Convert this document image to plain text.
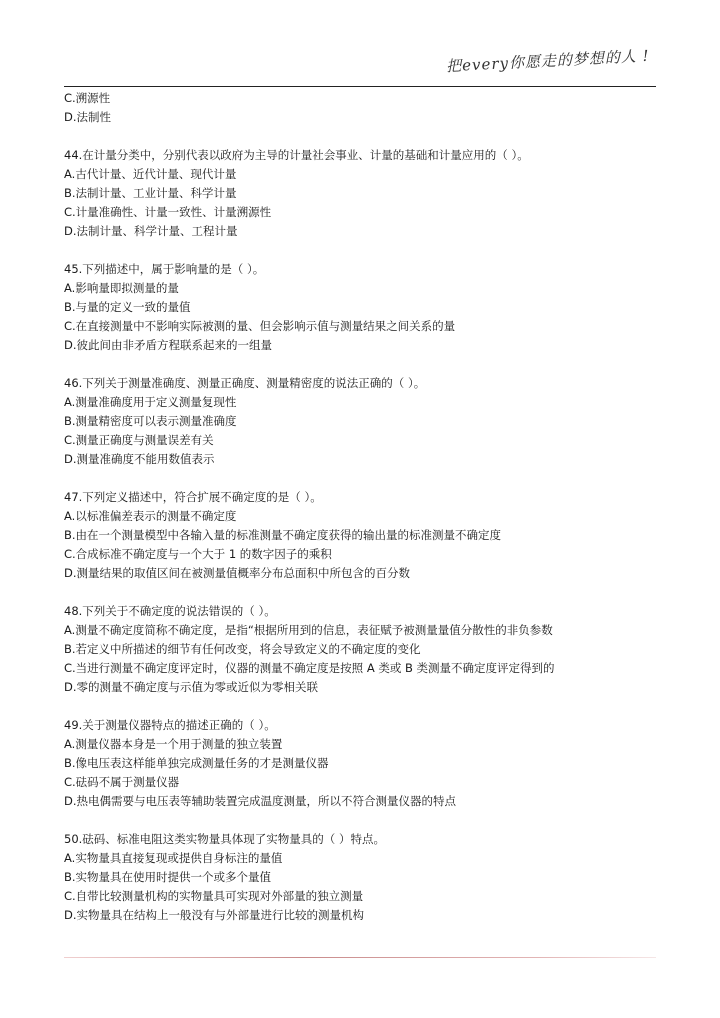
把every你愿走的梦想的人 !
C.溯源性
D.法制性
44.在计量分类中，分别代表以政府为主导的计量社会事业、计量的基础和计量应用的（ ）。
A.古代计量、近代计量、现代计量
B.法制计量、工业计量、科学计量
C.计量准确性、计量一致性、计量溯源性
D.法制计量、科学计量、工程计量
45.下列描述中，属于影响量的是（ ）。
A.影响量即拟测量的量
B.与量的定义一致的量值
C.在直接测量中不影响实际被测的量、但会影响示值与测量结果之间关系的量
D.彼此间由非矛盾方程联系起来的一组量
46.下列关于测量准确度、测量正确度、测量精密度的说法正确的（ ）。
A.测量准确度用于定义测量复现性
B.测量精密度可以表示测量准确度
C.测量正确度与测量误差有关
D.测量准确度不能用数值表示
47.下列定义描述中，符合扩展不确定度的是（ ）。
A.以标准偏差表示的测量不确定度
B.由在一个测量模型中各输入量的标准测量不确定度获得的输出量的标准测量不确定度
C.合成标准不确定度与一个大于 1 的数字因子的乘积
D.测量结果的取值区间在被测量值概率分布总面积中所包含的百分数
48.下列关于不确定度的说法错误的（ ）。
A.测量不确定度简称不确定度，是指“根据所用到的信息，表征赋予被测量量值分散性的非负参数
B.若定义中所描述的细节有任何改变，将会导致定义的不确定度的变化
C.当进行测量不确定度评定时，仪器的测量不确定度是按照 A 类或 B 类测量不确定度评定得到的
D.零的测量不确定度与示值为零或近似为零相关联
49.关于测量仪器特点的描述正确的（ ）。
A.测量仪器本身是一个用于测量的独立装置
B.像电压表这样能单独完成测量任务的才是测量仪器
C.砝码不属于测量仪器
D.热电偶需要与电压表等辅助装置完成温度测量，所以不符合测量仪器的特点
50.砝码、标准电阻这类实物量具体现了实物量具的（ ）特点。
A.实物量具直接复现或提供自身标注的量值
B.实物量具在使用时提供一个或多个量值
C.自带比较测量机构的实物量具可实现对外部量的独立测量
D.实物量具在结构上一般没有与外部量进行比较的测量机构
